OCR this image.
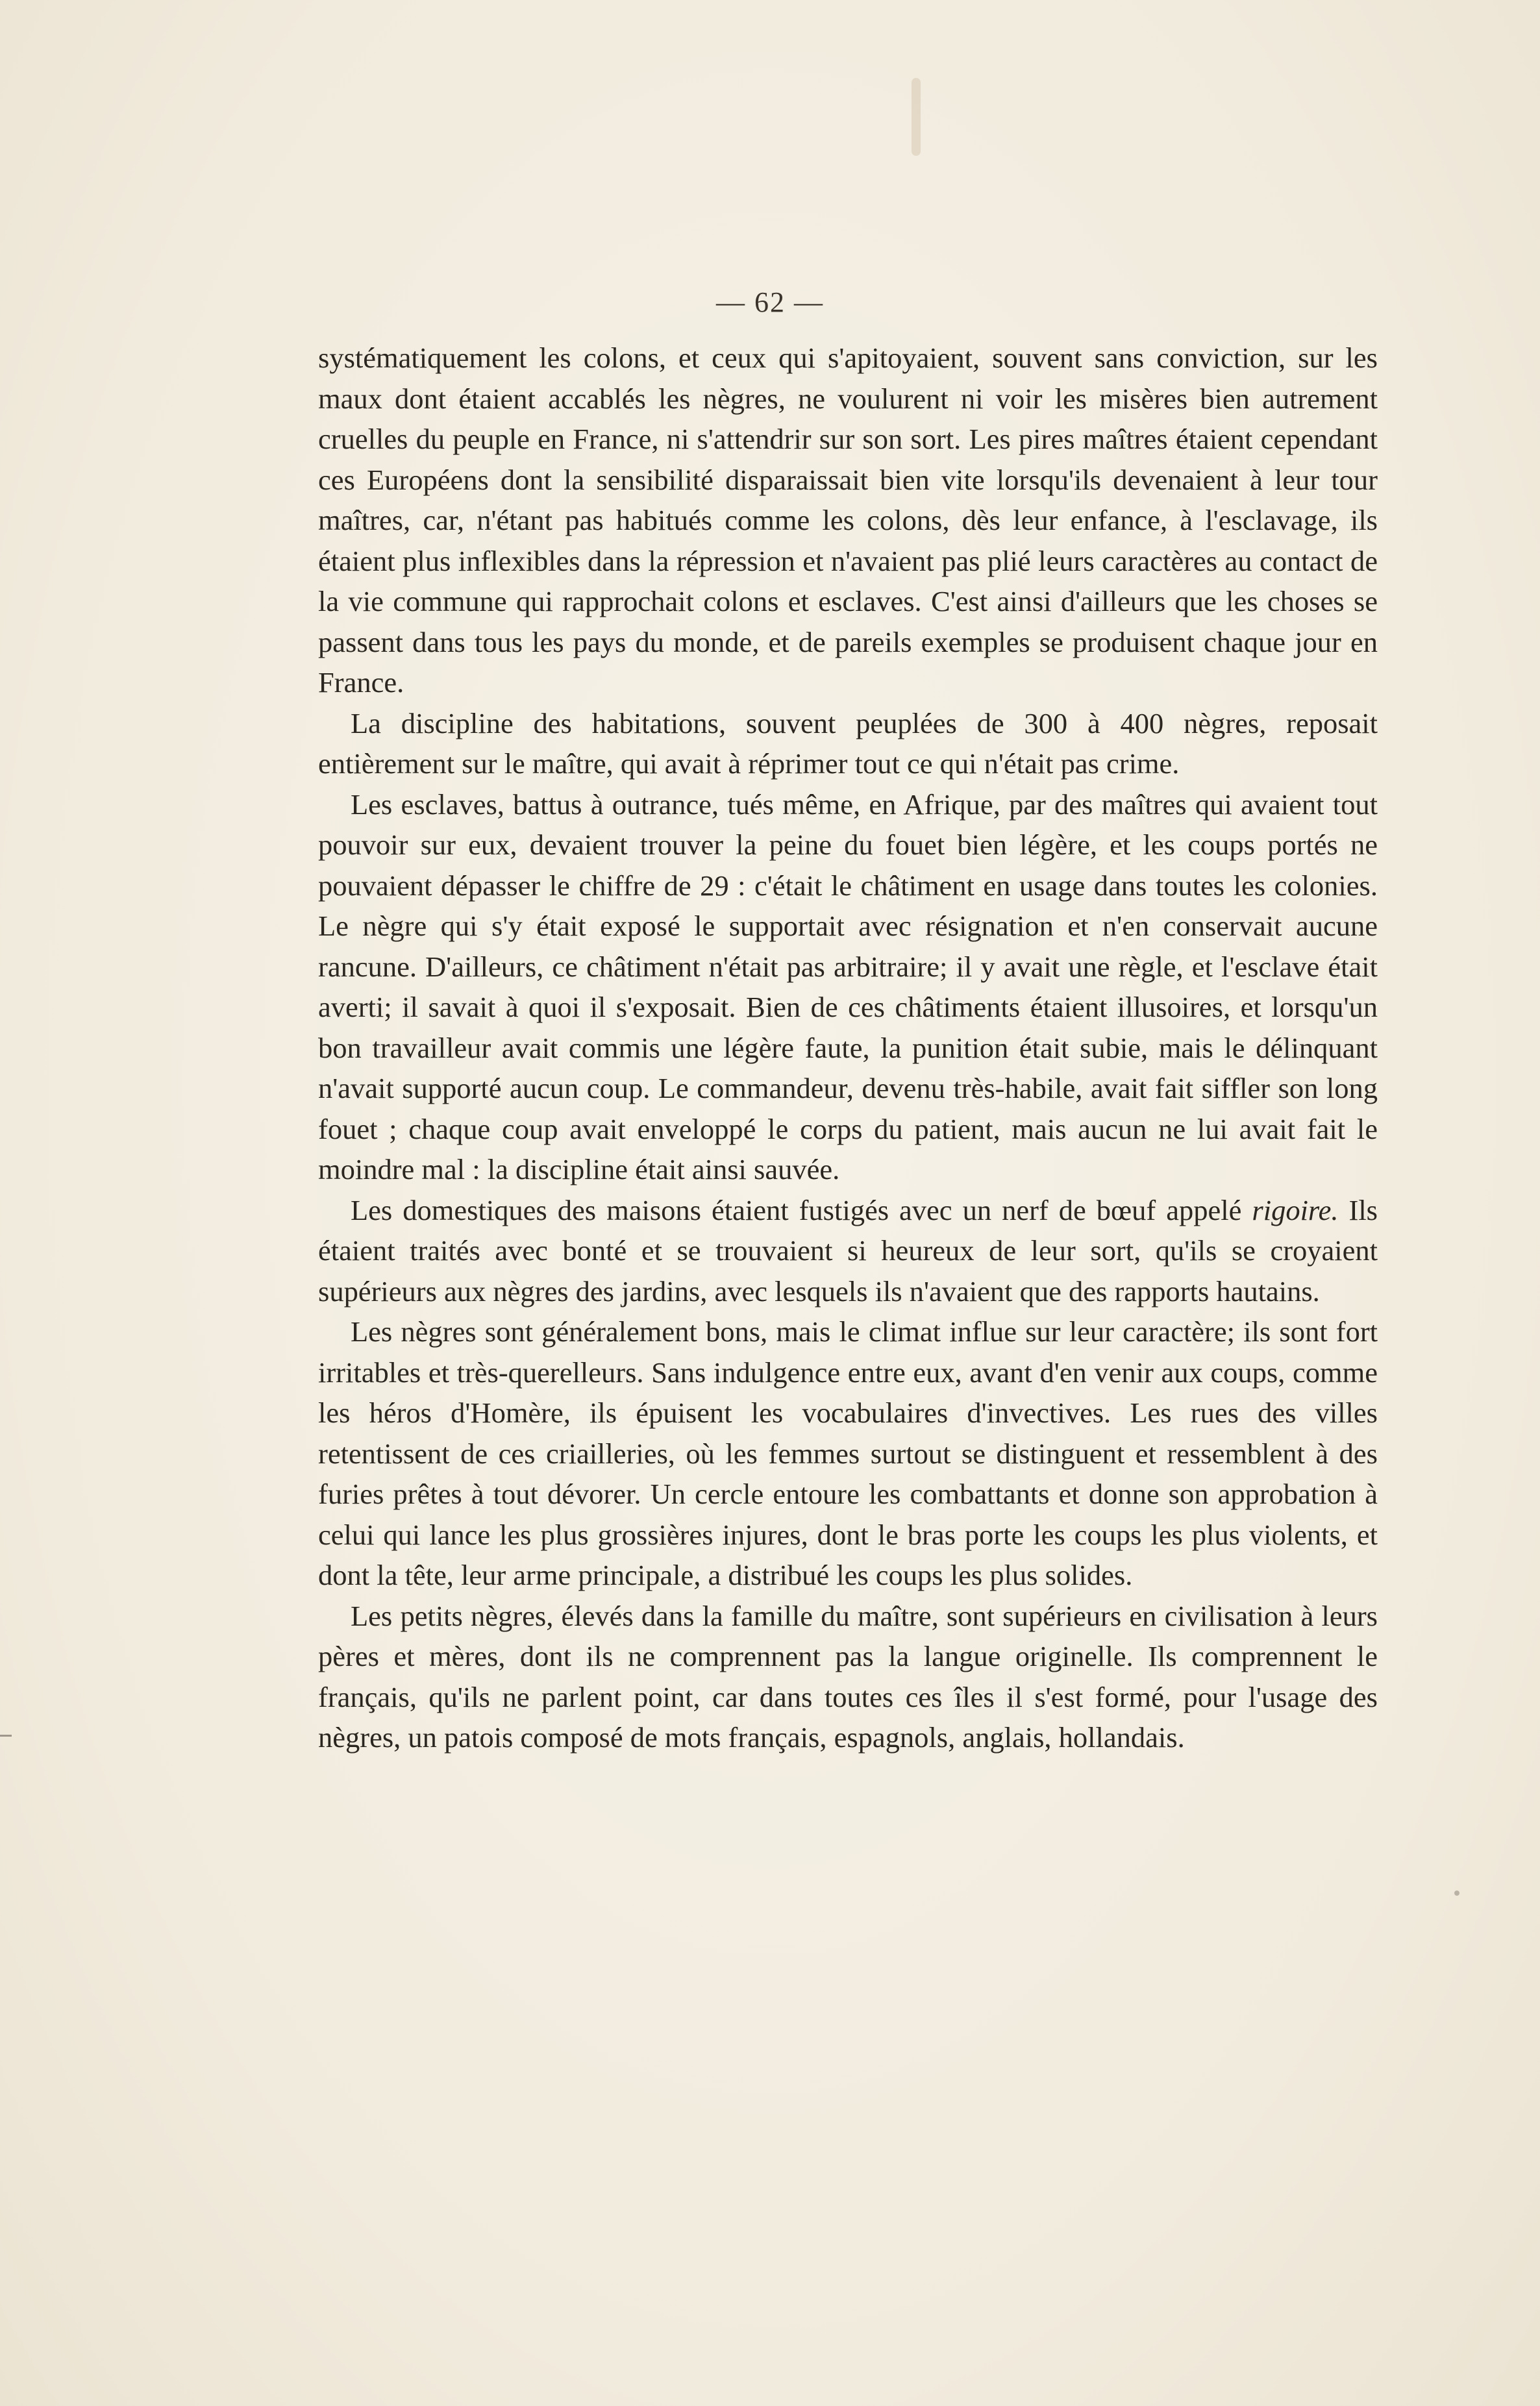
— 62 —

systématiquement les colons, et ceux qui s'apitoyaient, souvent sans conviction, sur les maux dont étaient accablés les nègres, ne voulurent ni voir les misères bien autrement cruelles du peuple en France, ni s'attendrir sur son sort. Les pires maîtres étaient cependant ces Européens dont la sensibilité disparaissait bien vite lorsqu'ils devenaient à leur tour maîtres, car, n'étant pas habitués comme les colons, dès leur enfance, à l'esclavage, ils étaient plus inflexibles dans la répression et n'avaient pas plié leurs caractères au contact de la vie commune qui rapprochait colons et esclaves. C'est ainsi d'ailleurs que les choses se passent dans tous les pays du monde, et de pareils exemples se produisent chaque jour en France.

La discipline des habitations, souvent peuplées de 300 à 400 nègres, reposait entièrement sur le maître, qui avait à réprimer tout ce qui n'était pas crime.

Les esclaves, battus à outrance, tués même, en Afrique, par des maîtres qui avaient tout pouvoir sur eux, devaient trouver la peine du fouet bien légère, et les coups portés ne pouvaient dépasser le chiffre de 29 : c'était le châtiment en usage dans toutes les colonies. Le nègre qui s'y était exposé le supportait avec résignation et n'en conservait aucune rancune. D'ailleurs, ce châtiment n'était pas arbitraire; il y avait une règle, et l'esclave était averti; il savait à quoi il s'exposait. Bien de ces châtiments étaient illusoires, et lorsqu'un bon travailleur avait commis une légère faute, la punition était subie, mais le délinquant n'avait supporté aucun coup. Le commandeur, devenu très-habile, avait fait siffler son long fouet ; chaque coup avait enveloppé le corps du patient, mais aucun ne lui avait fait le moindre mal : la discipline était ainsi sauvée.

Les domestiques des maisons étaient fustigés avec un nerf de bœuf appelé rigoire. Ils étaient traités avec bonté et se trouvaient si heureux de leur sort, qu'ils se croyaient supérieurs aux nègres des jardins, avec lesquels ils n'avaient que des rapports hautains.

Les nègres sont généralement bons, mais le climat influe sur leur caractère; ils sont fort irritables et très-querelleurs. Sans indulgence entre eux, avant d'en venir aux coups, comme les héros d'Homère, ils épuisent les vocabulaires d'invectives. Les rues des villes retentissent de ces criailleries, où les femmes surtout se distinguent et ressemblent à des furies prêtes à tout dévorer. Un cercle entoure les combattants et donne son approbation à celui qui lance les plus grossières injures, dont le bras porte les coups les plus violents, et dont la tête, leur arme principale, a distribué les coups les plus solides.

Les petits nègres, élevés dans la famille du maître, sont supérieurs en civilisation à leurs pères et mères, dont ils ne comprennent pas la langue originelle. Ils comprennent le français, qu'ils ne parlent point, car dans toutes ces îles il s'est formé, pour l'usage des nègres, un patois composé de mots français, espagnols, anglais, hollandais.
